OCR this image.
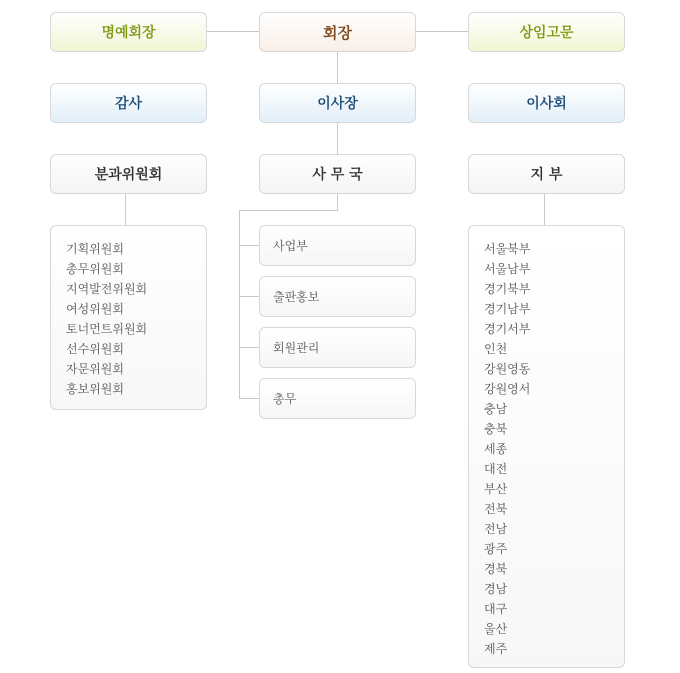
명예회장	회장	상임고문
감사	이사장	이사회
분과위원회	사 무 국	지 부
기획위원회
총무위원회
지역발전위원회
여성위원회
토너먼트위원회
선수위원회
자문위원회
홍보위원회
사업부
출판홍보
회원관리
총무
서울북부
서울남부
경기북부
경기남부
경기서부
인천
강원영동
강원영서
충남
충북
세종
대전
부산
전북
전남
광주
경북
경남
대구
울산
제주
